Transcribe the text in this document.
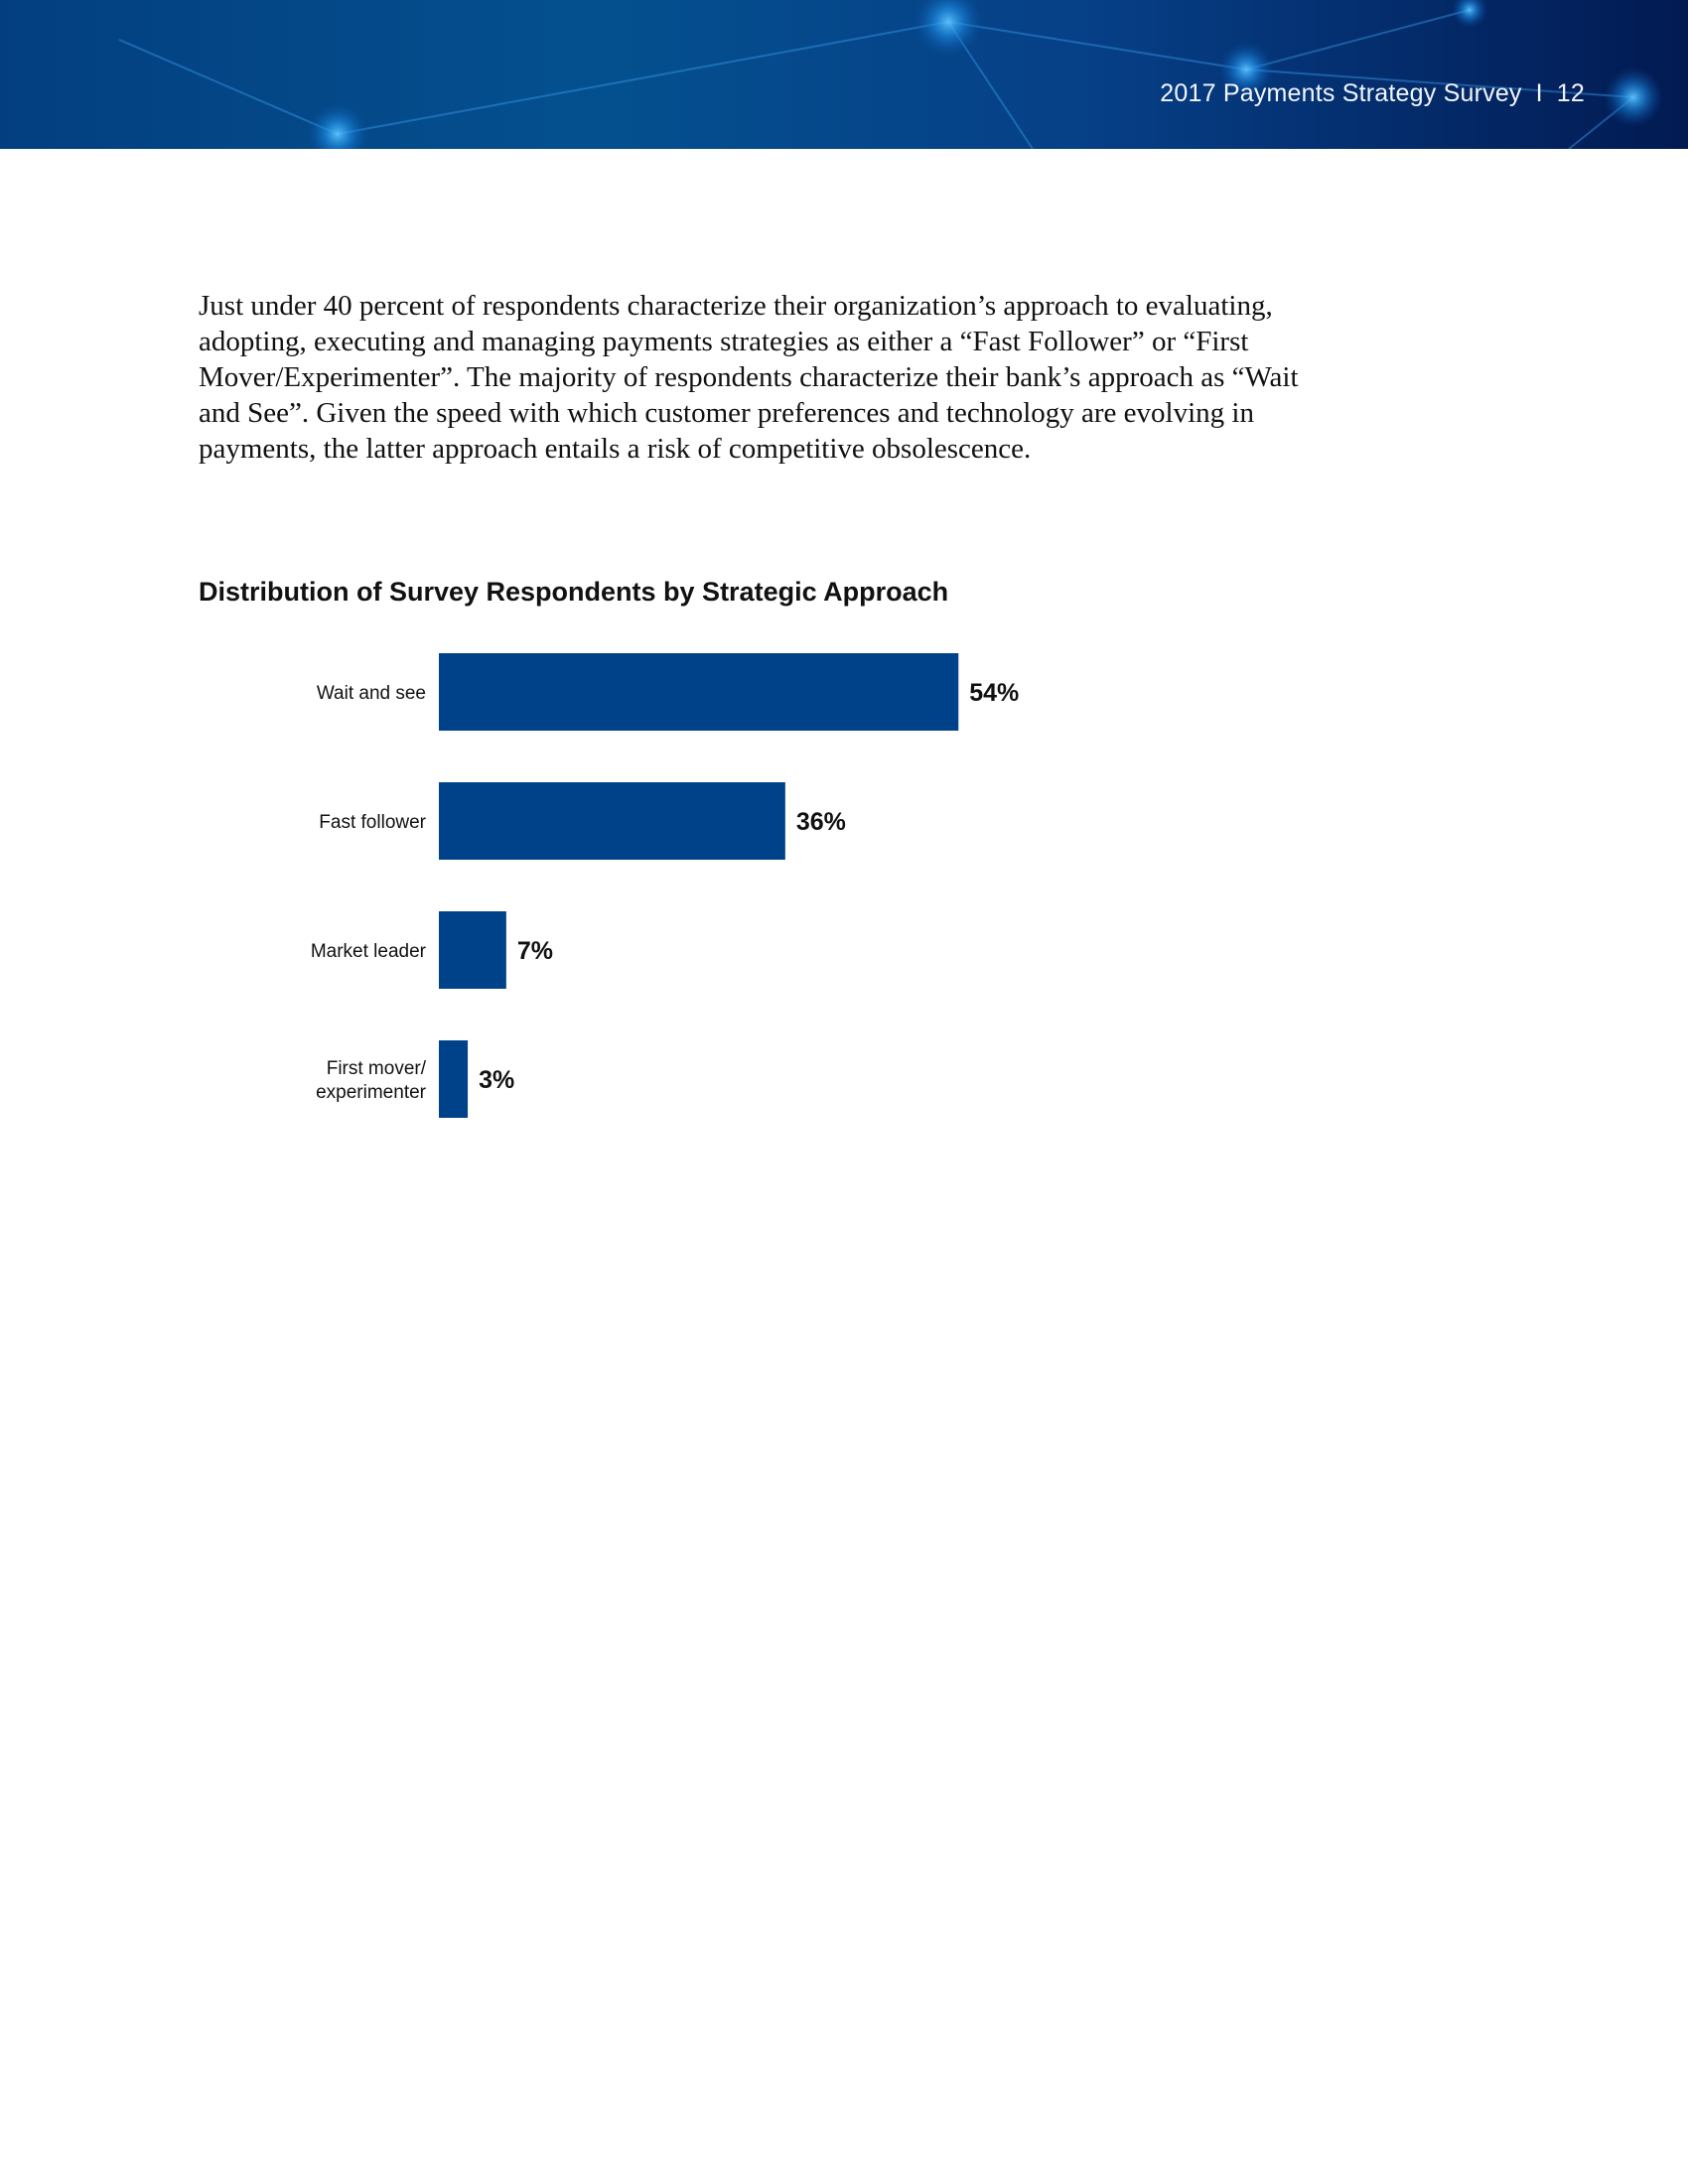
2017 Payments Strategy Survey I 12

Just under 40 percent of respondents characterize their organization’s approach to evaluating, adopting, executing and managing payments strategies as either a “Fast Follower” or “First Mover/Experimenter”. The majority of respondents characterize their bank’s approach as “Wait and See”. Given the speed with which customer preferences and technology are evolving in payments, the latter approach entails a risk of competitive obsolescence.

Distribution of Survey Respondents by Strategic Approach
Wait and see	54%
Fast follower	36%
Market leader	7%
First mover/ experimenter 3%
